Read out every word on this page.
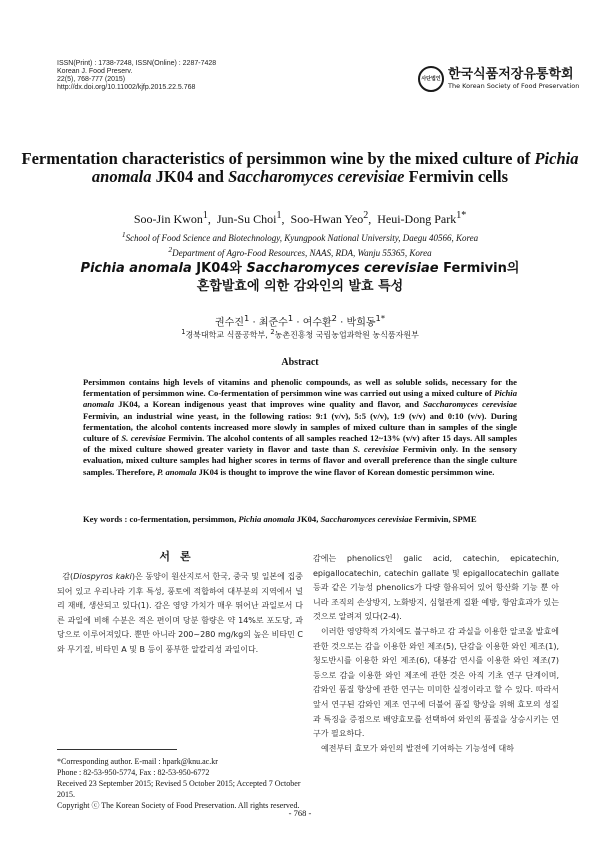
ISSN(Print) : 1738-7248, ISSN(Online) : 2287-7428
Korean J. Food Preserv.
22(5), 768-777 (2015)
http://dx.doi.org/10.11002/kjfp.2015.22.5.768
사단법인 한국식품저장유통학회
The Korean Society of Food Preservation
Fermentation characteristics of persimmon wine by the mixed culture of Pichia anomala JK04 and Saccharomyces cerevisiae Fermivin cells
Soo-Jin Kwon$^1$,  Jun-Su Choi$^1$,  Soo-Hwan Yeo$^2$,  Heui-Dong Park$^{1*}$
$^1$School of Food Science and Biotechnology, Kyungpook National University, Daegu 40566, Korea
$^2$Department of Agro-Food Resources, NAAS, RDA, Wanju 55365, Korea
Pichia anomala JK04와 Saccharomyces cerevisiae Fermivin의
혼합발효에 의한 감와인의 발효 특성
권수진$^1$ · 최준수$^1$ · 여수환$^2$ · 박희동$^{1*}$
$^1$경북대학교 식품공학부, $^2$농촌진흥청 국립농업과학원 농식품자원부
Abstract
Persimmon contains high levels of vitamins and phenolic compounds, as well as soluble solids, necessary for the fermentation of persimmon wine. Co-fermentation of persimmon wine was carried out using a mixed culture of Pichia anomala JK04, a Korean indigenous yeast that improves wine quality and flavor, and Saccharomyces cerevisiae Fermivin, an industrial wine yeast, in the following ratios: 9:1 (v/v), 5:5 (v/v), 1:9 (v/v) and 0:10 (v/v). During fermentation, the alcohol contents increased more slowly in samples of mixed culture than in samples of the single culture of S. cerevisiae Fermivin. The alcohol contents of all samples reached 12~13% (v/v) after 15 days. All samples of the mixed culture showed greater variety in flavor and taste than S. cerevisiae Fermivin only. In the sensory evaluation, mixed culture samples had higher scores in terms of flavor and overall preference than the single culture samples. Therefore, P. anomala JK04 is thought to improve the wine flavor of Korean domestic persimmon wine.
Key words : co-fermentation, persimmon, Pichia anomala JK04, Saccharomyces cerevisiae Fermivin, SPME
서론
감(Diospyros kaki)은 동양이 원산지로서 한국, 중국 및 일본에 집중되어 있고 우리나라 기후 특성, 풍토에 적합하여 대부분의 지역에서 널리 재배, 생산되고 있다(1). 감은 영양 가치가 매우 뛰어난 과일로서 다른 과일에 비해 수분은 적은 편이며 당분 함량은 약 14%로 포도당, 과당으로 이루어져있다. 뿐만 아니라 200~280 mg/kg의 높은 비타민 C와 무기질, 비타민 A 및 B 등이 풍부한 알칼리성 과일이다.
감에는 phenolics인 galic acid, catechin, epicatechin, epigallocatechin, catechin gallate 및 epigallocatechin gallate 등과 같은 기능성 phenolics가 다량 함유되어 있어 항산화 기능 뿐 아니라 조직의 손상방지, 노화방지, 심혈관계 질환 예방, 항암효과가 있는 것으로 알려져 있다(2-4).
이러한 영양학적 가치에도 불구하고 감 과실을 이용한 알코올 발효에 관한 것으로는 감을 이용한 와인 제조(5), 단감을 이용한 와인 제조(1), 청도반시를 이용한 와인 제조(6), 대봉감 연시를 이용한 와인 제조(7) 등으로 감을 이용한 와인 제조에 관한 것은 아직 기초 연구 단계이며, 감와인 품질 향상에 관한 연구는 미미한 실정이라고 할 수 있다. 따라서 앞서 연구된 감와인 제조 연구에 더불어 품질 향상을 위해 효모의 성질과 특징을 증점으로 배양효모를 선택하여 와인의 품질을 상승시키는 연구가 필요하다.
예전부터 효모가 와인의 발전에 기여하는 기능성에 대하
*Corresponding author. E-mail : hpark@knu.ac.kr
Phone : 82-53-950-5774, Fax : 82-53-950-6772
Received 23 September 2015; Revised 5 October 2015; Accepted 7 October 2015.
Copyright ⓒ The Korean Society of Food Preservation. All rights reserved.
- 768 -
